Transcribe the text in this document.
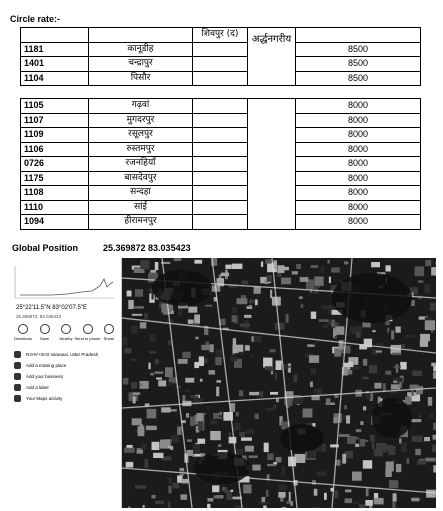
Circle rate:-
		शिवपुर (द)	अर्द्धनगरीय	
1181	कानूडीह			8500
1401	चन्द्रापुर			8500
1104	पिसौर			8500
1105	गढ़वां			8000
1107	मुगदरपुर			8000
1109	रसूलपुर			8000
1106	रुस्तमपुर			8000
0726	रजनहियाँ			8000
1175	बासदेवपुर			8000
1108	सन्दहा			8000
1110	सांई			8000
1094	हीरामनपुर			8000
Global Position	25.369872 83.035423
·
25°22'11.5"N 83°02'07.5"E
25.369872, 83.035423
Directions Save	Nearby Send to phone Share
RJHV+XH3 Varanasi, Uttar Pradesh
Add a missing place
Add your business
Add a label
Your Maps activity
